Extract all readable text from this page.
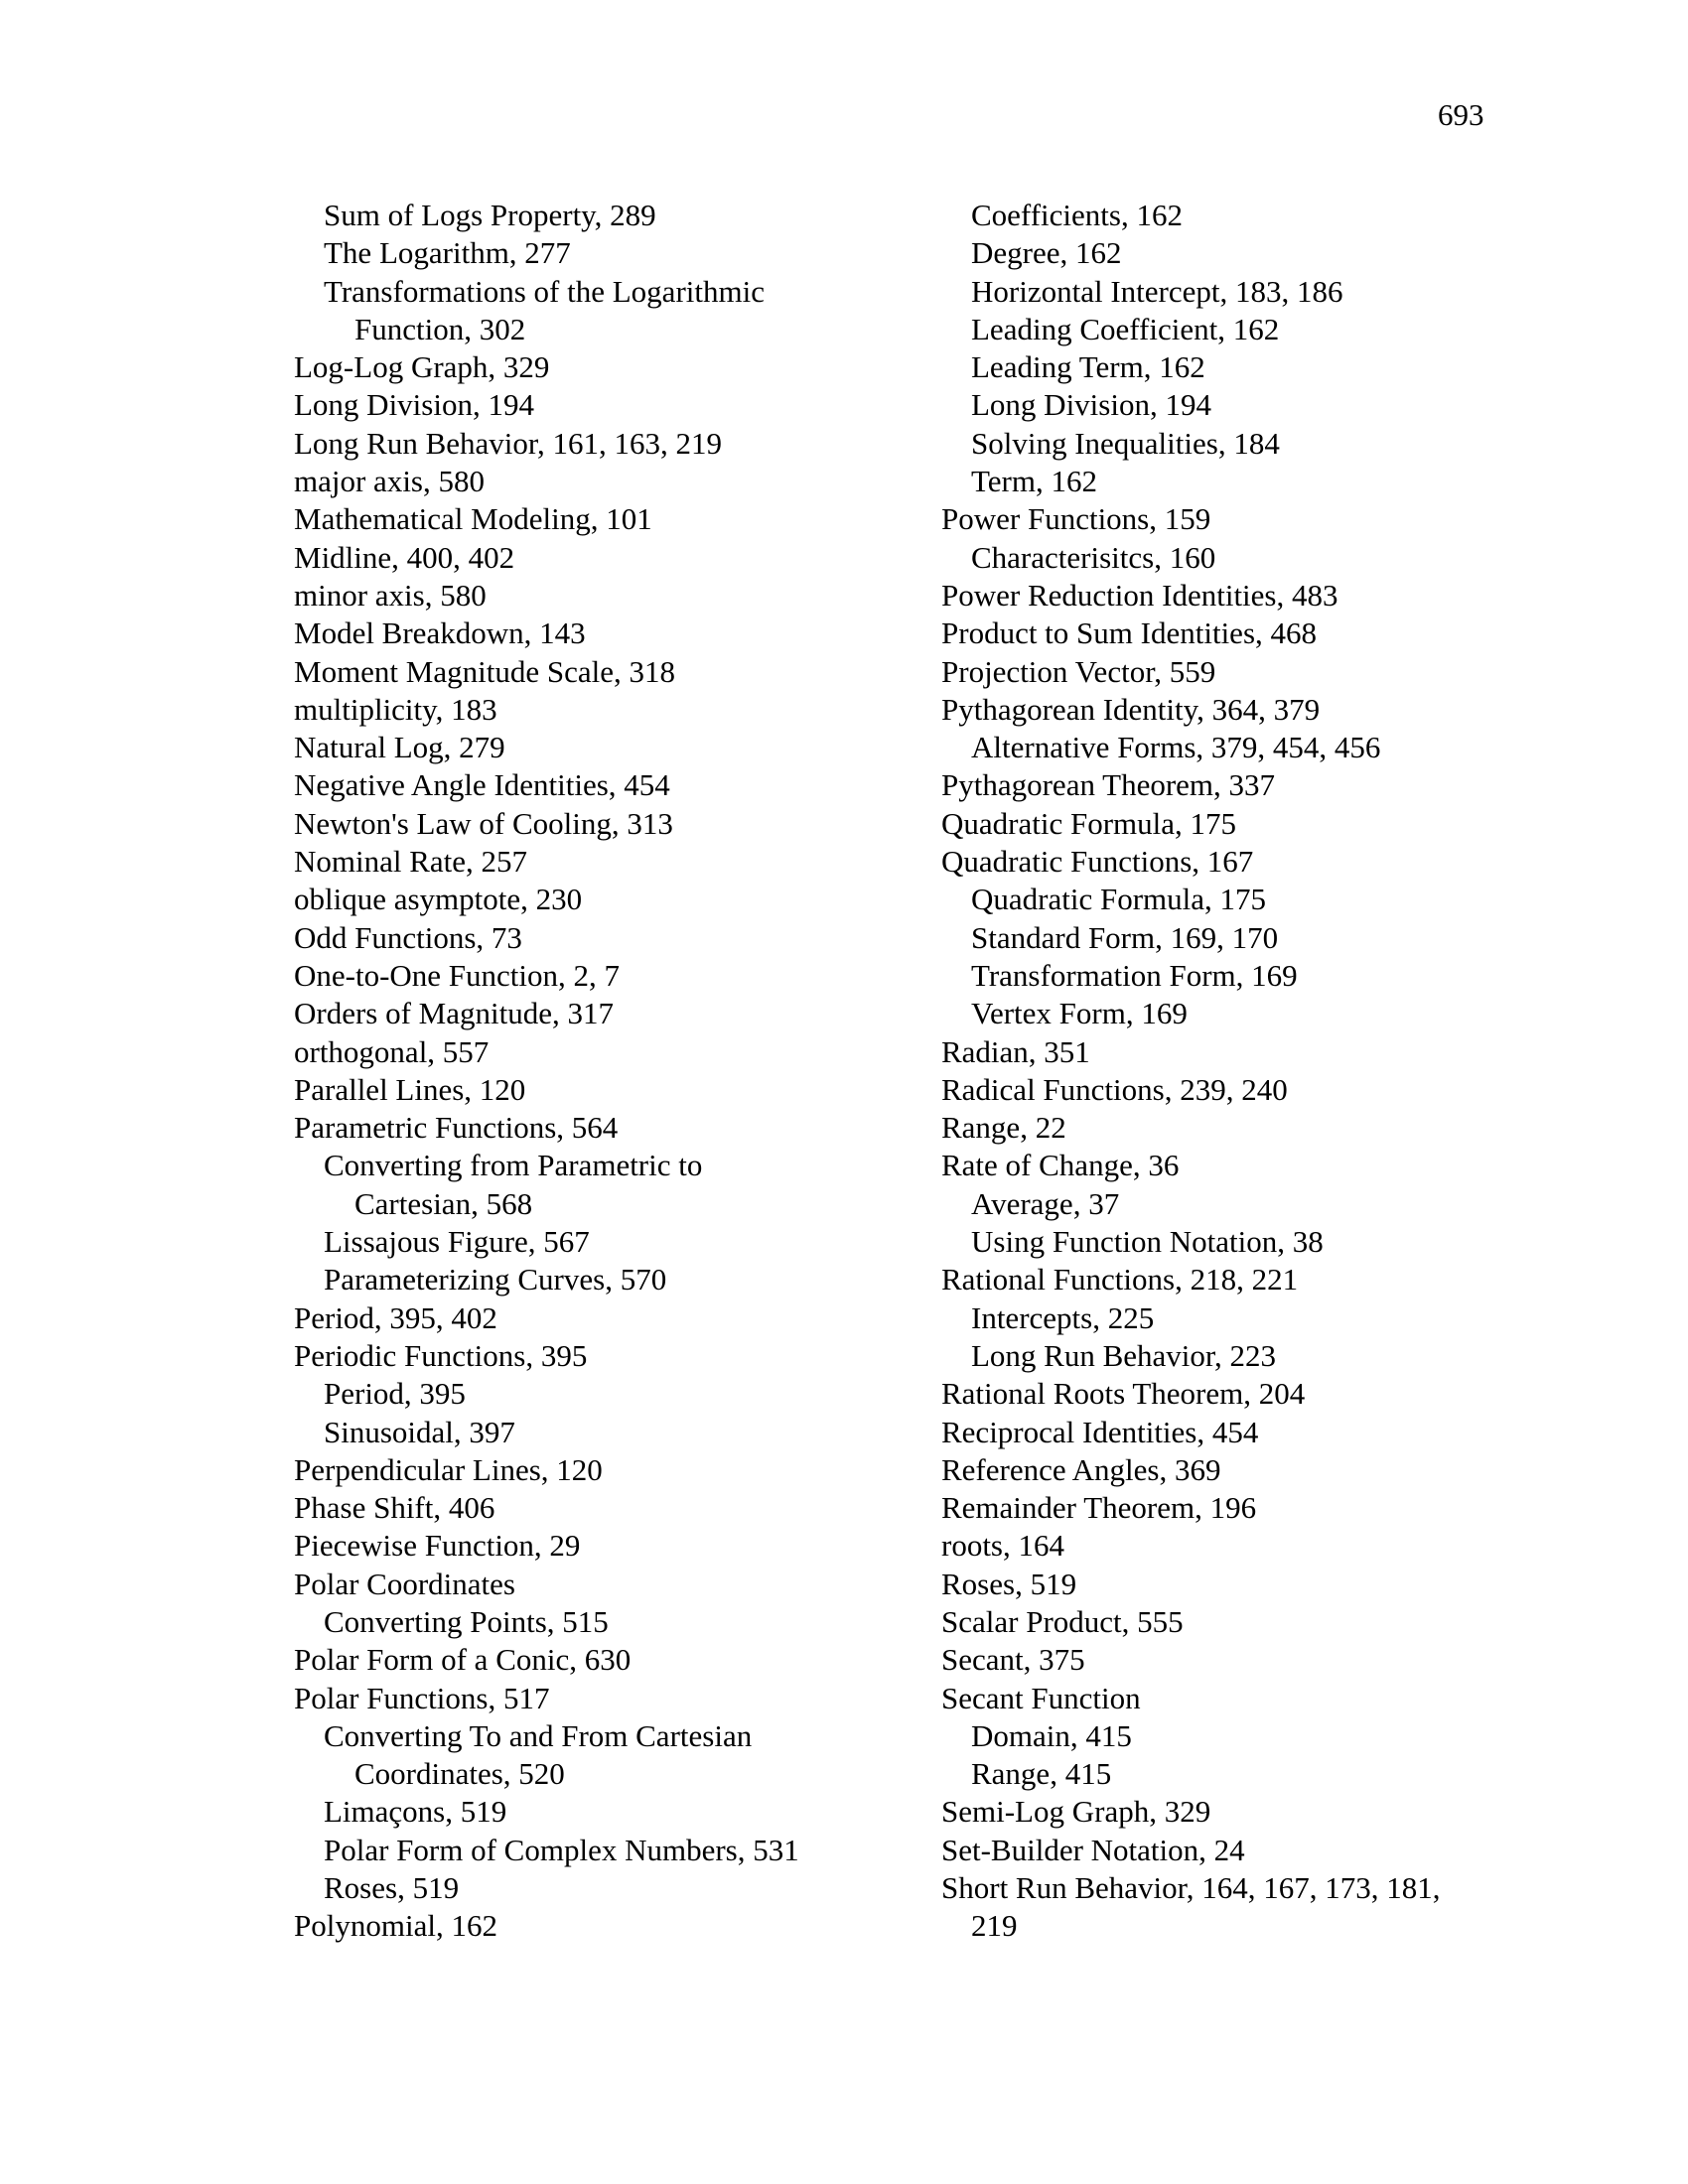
693
Sum of Logs Property, 289
The Logarithm, 277
Transformations of the Logarithmic
Function, 302
Log-Log Graph, 329
Long Division, 194
Long Run Behavior, 161, 163, 219
major axis, 580
Mathematical Modeling, 101
Midline, 400, 402
minor axis, 580
Model Breakdown, 143
Moment Magnitude Scale, 318
multiplicity, 183
Natural Log, 279
Negative Angle Identities, 454
Newton's Law of Cooling, 313
Nominal Rate, 257
oblique asymptote, 230
Odd Functions, 73
One-to-One Function, 2, 7
Orders of Magnitude, 317
orthogonal, 557
Parallel Lines, 120
Parametric Functions, 564
Converting from Parametric to
Cartesian, 568
Lissajous Figure, 567
Parameterizing Curves, 570
Period, 395, 402
Periodic Functions, 395
Period, 395
Sinusoidal, 397
Perpendicular Lines, 120
Phase Shift, 406
Piecewise Function, 29
Polar Coordinates
Converting Points, 515
Polar Form of a Conic, 630
Polar Functions, 517
Converting To and From Cartesian
Coordinates, 520
Limaçons, 519
Polar Form of Complex Numbers, 531
Roses, 519
Polynomial, 162
Coefficients, 162
Degree, 162
Horizontal Intercept, 183, 186
Leading Coefficient, 162
Leading Term, 162
Long Division, 194
Solving Inequalities, 184
Term, 162
Power Functions, 159
Characterisitcs, 160
Power Reduction Identities, 483
Product to Sum Identities, 468
Projection Vector, 559
Pythagorean Identity, 364, 379
Alternative Forms, 379, 454, 456
Pythagorean Theorem, 337
Quadratic Formula, 175
Quadratic Functions, 167
Quadratic Formula, 175
Standard Form, 169, 170
Transformation Form, 169
Vertex Form, 169
Radian, 351
Radical Functions, 239, 240
Range, 22
Rate of Change, 36
Average, 37
Using Function Notation, 38
Rational Functions, 218, 221
Intercepts, 225
Long Run Behavior, 223
Rational Roots Theorem, 204
Reciprocal Identities, 454
Reference Angles, 369
Remainder Theorem, 196
roots, 164
Roses, 519
Scalar Product, 555
Secant, 375
Secant Function
Domain, 415
Range, 415
Semi-Log Graph, 329
Set-Builder Notation, 24
Short Run Behavior, 164, 167, 173, 181,
219
